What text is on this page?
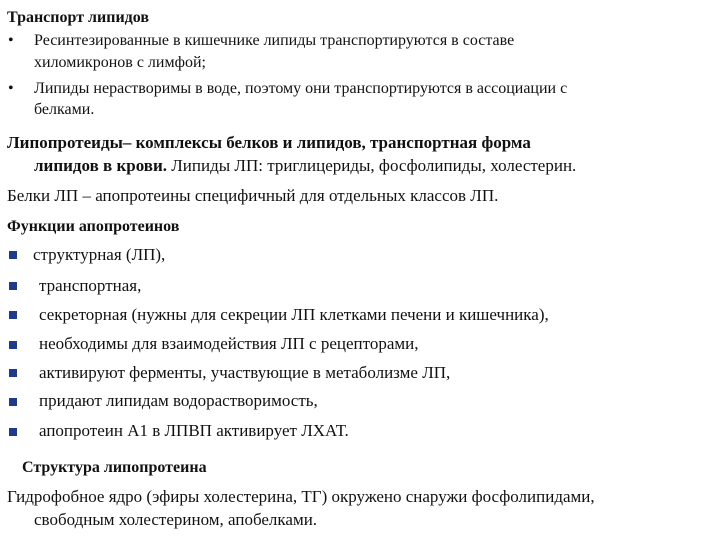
Транспорт липидов
• Ресинтезированные в кишечнике липиды транспортируются в составе
хиломикронов с лимфой;
• Липиды нерастворимы в воде, поэтому они транспортируются в ассоциации с
белками.
Липопротеиды– комплексы белков и липидов, транспортная форма
липидов в крови. Липиды ЛП: триглицериды, фосфолипиды, холестерин.
Белки ЛП – апопротеины специфичный для отдельных классов ЛП.
Функции апопротеинов
структурная (ЛП),
транспортная,
секреторная (нужны для секреции ЛП клетками печени и кишечника),
необходимы для взаимодействия ЛП с рецепторами,
активируют ферменты, участвующие в метаболизме ЛП,
придают липидам водорастворимость,
апопротеин А1 в ЛПВП активирует ЛХАТ.
Структура липопротеина
Гидрофобное ядро (эфиры холестерина, ТГ) окружено снаружи фосфолипидами,
свободным холестерином, апобелками.
